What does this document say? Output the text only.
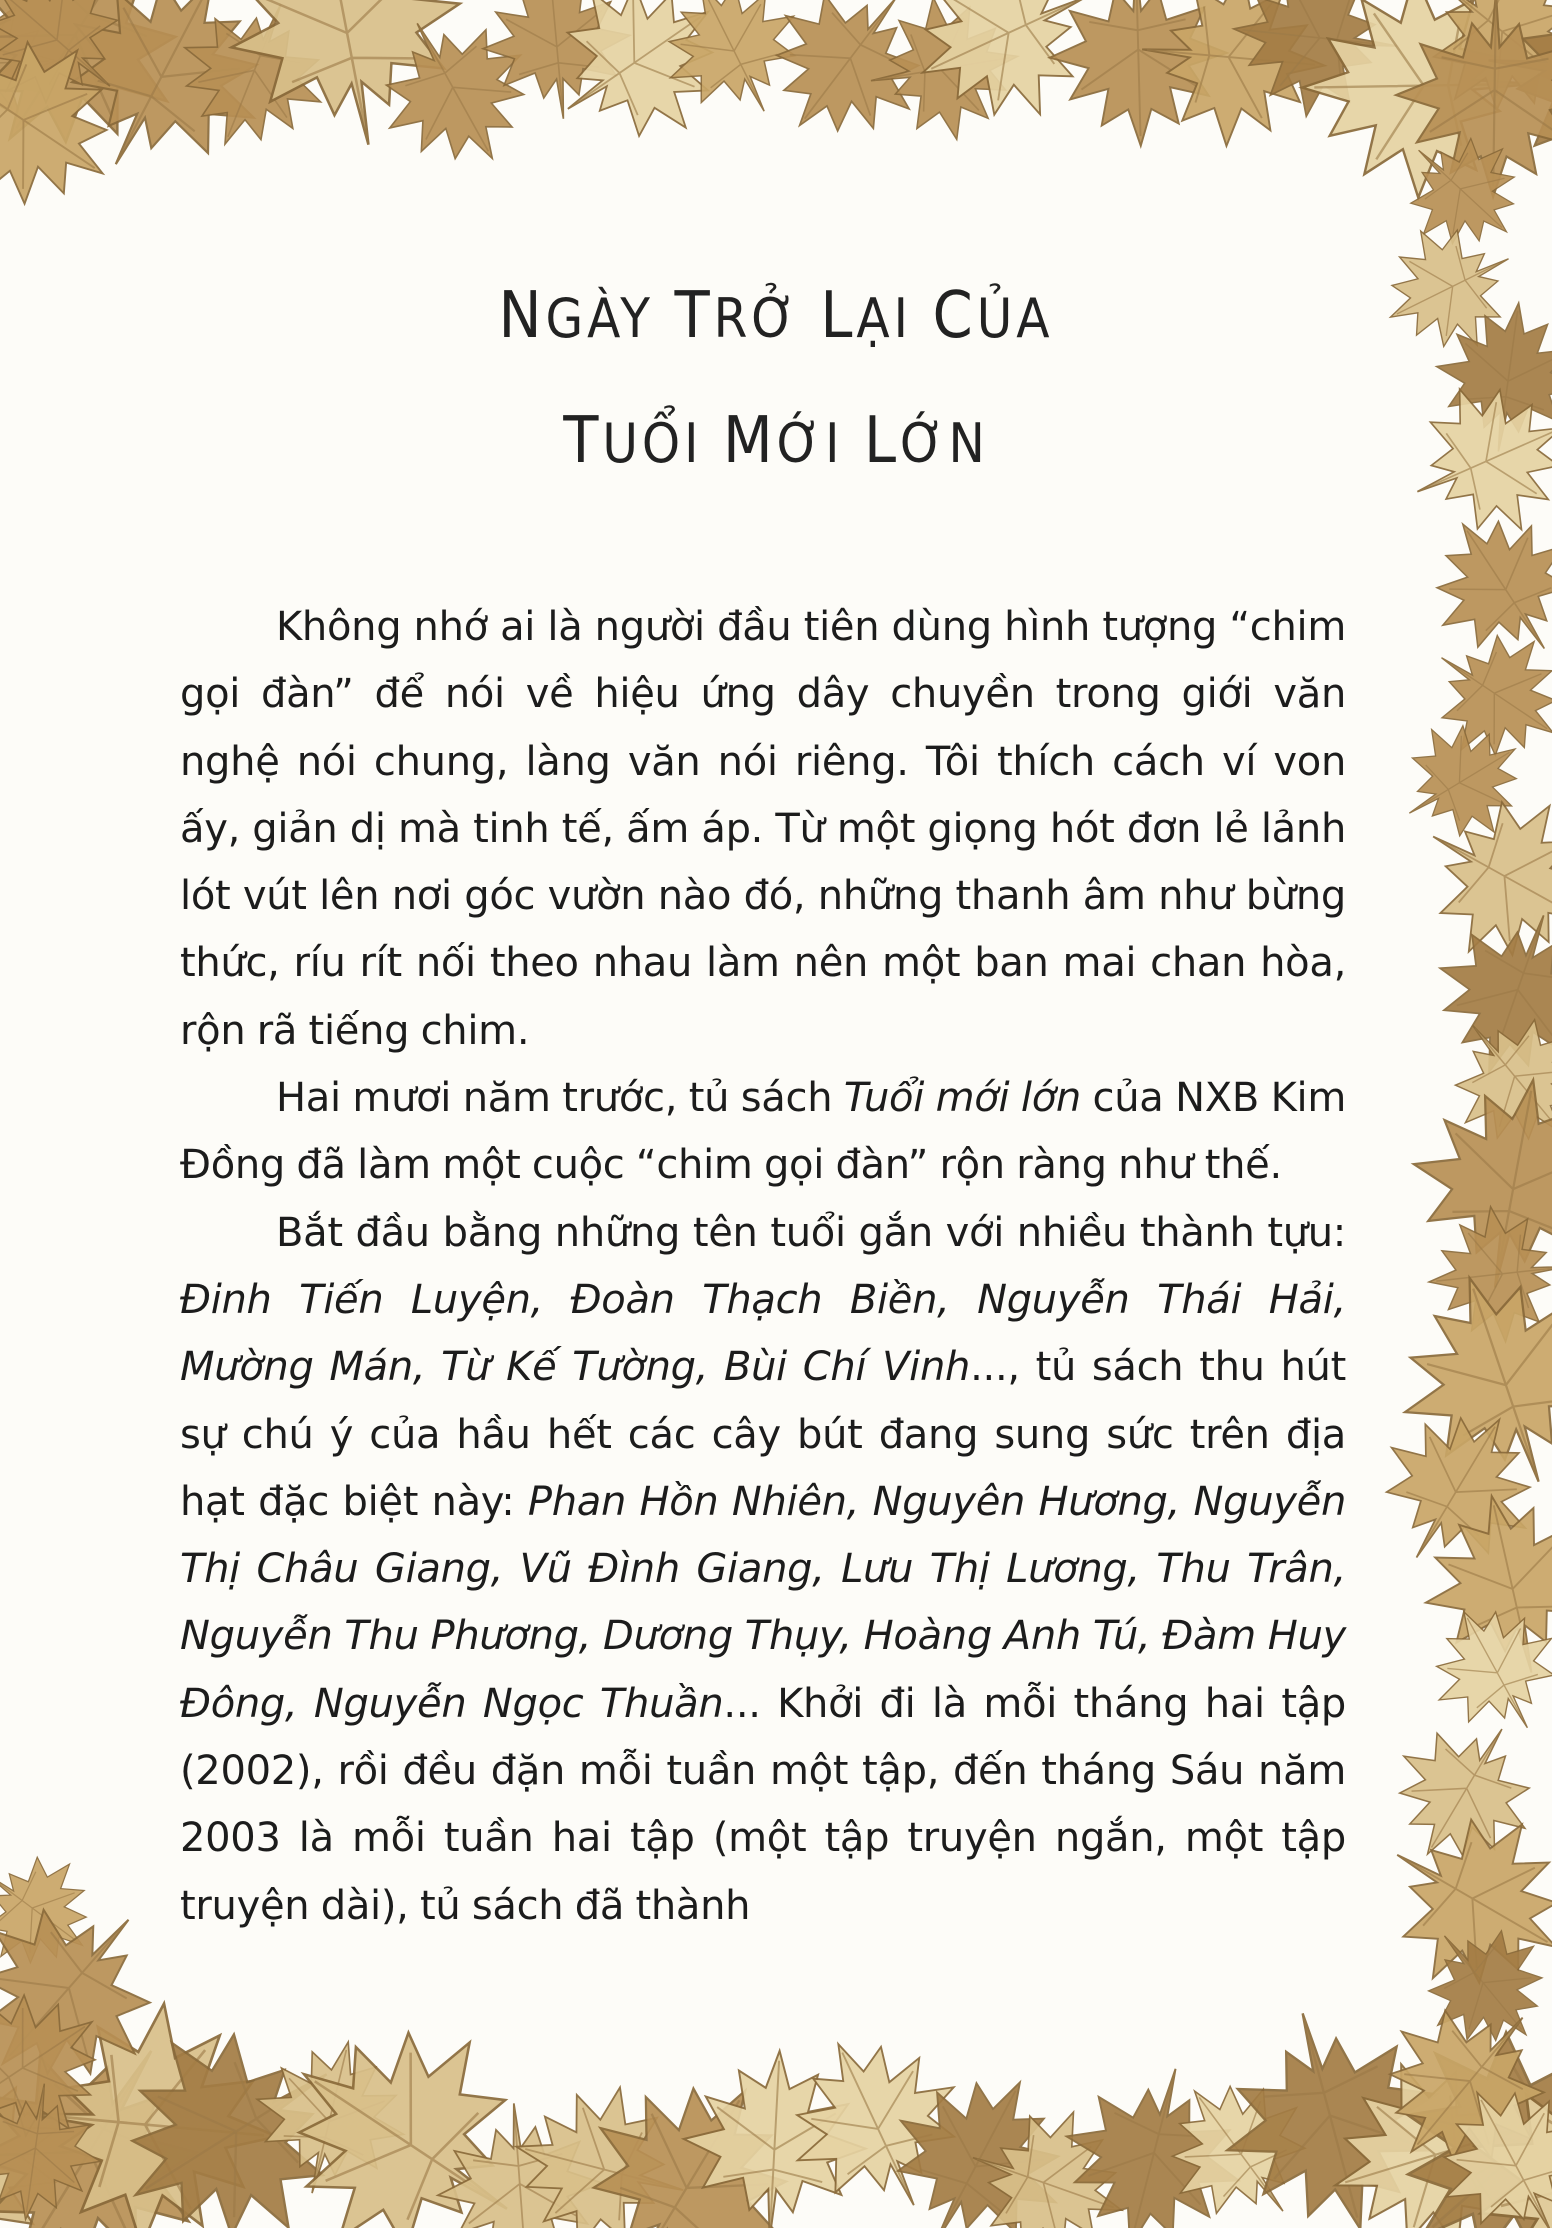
NGÀY TRỞ LẠI CỦA
TUỔI MỚI LỚN

Không nhớ ai là người đầu tiên dùng hình tượng “chim gọi đàn” để nói về hiệu ứng dây chuyền trong giới văn nghệ nói chung, làng văn nói riêng. Tôi thích cách ví von ấy, giản dị mà tinh tế, ấm áp. Từ một giọng hót đơn lẻ lảnh lót vút lên nơi góc vườn nào đó, những thanh âm như bừng thức, ríu rít nối theo nhau làm nên một ban mai chan hòa, rộn rã tiếng chim.

Hai mươi năm trước, tủ sách Tuổi mới lớn của NXB Kim Đồng đã làm một cuộc “chim gọi đàn” rộn ràng như thế.

Bắt đầu bằng những tên tuổi gắn với nhiều thành tựu: Đinh Tiến Luyện, Đoàn Thạch Biền, Nguyễn Thái Hải, Mường Mán, Từ Kế Tường, Bùi Chí Vinh..., tủ sách thu hút sự chú ý của hầu hết các cây bút đang sung sức trên địa hạt đặc biệt này: Phan Hồn Nhiên, Nguyên Hương, Nguyễn Thị Châu Giang, Vũ Đình Giang, Lưu Thị Lương, Thu Trân, Nguyễn Thu Phương, Dương Thụy, Hoàng Anh Tú, Đàm Huy Đông, Nguyễn Ngọc Thuần... Khởi đi là mỗi tháng hai tập (2002), rồi đều đặn mỗi tuần một tập, đến tháng Sáu năm 2003 là mỗi tuần hai tập (một tập truyện ngắn, một tập truyện dài), tủ sách đã thành
